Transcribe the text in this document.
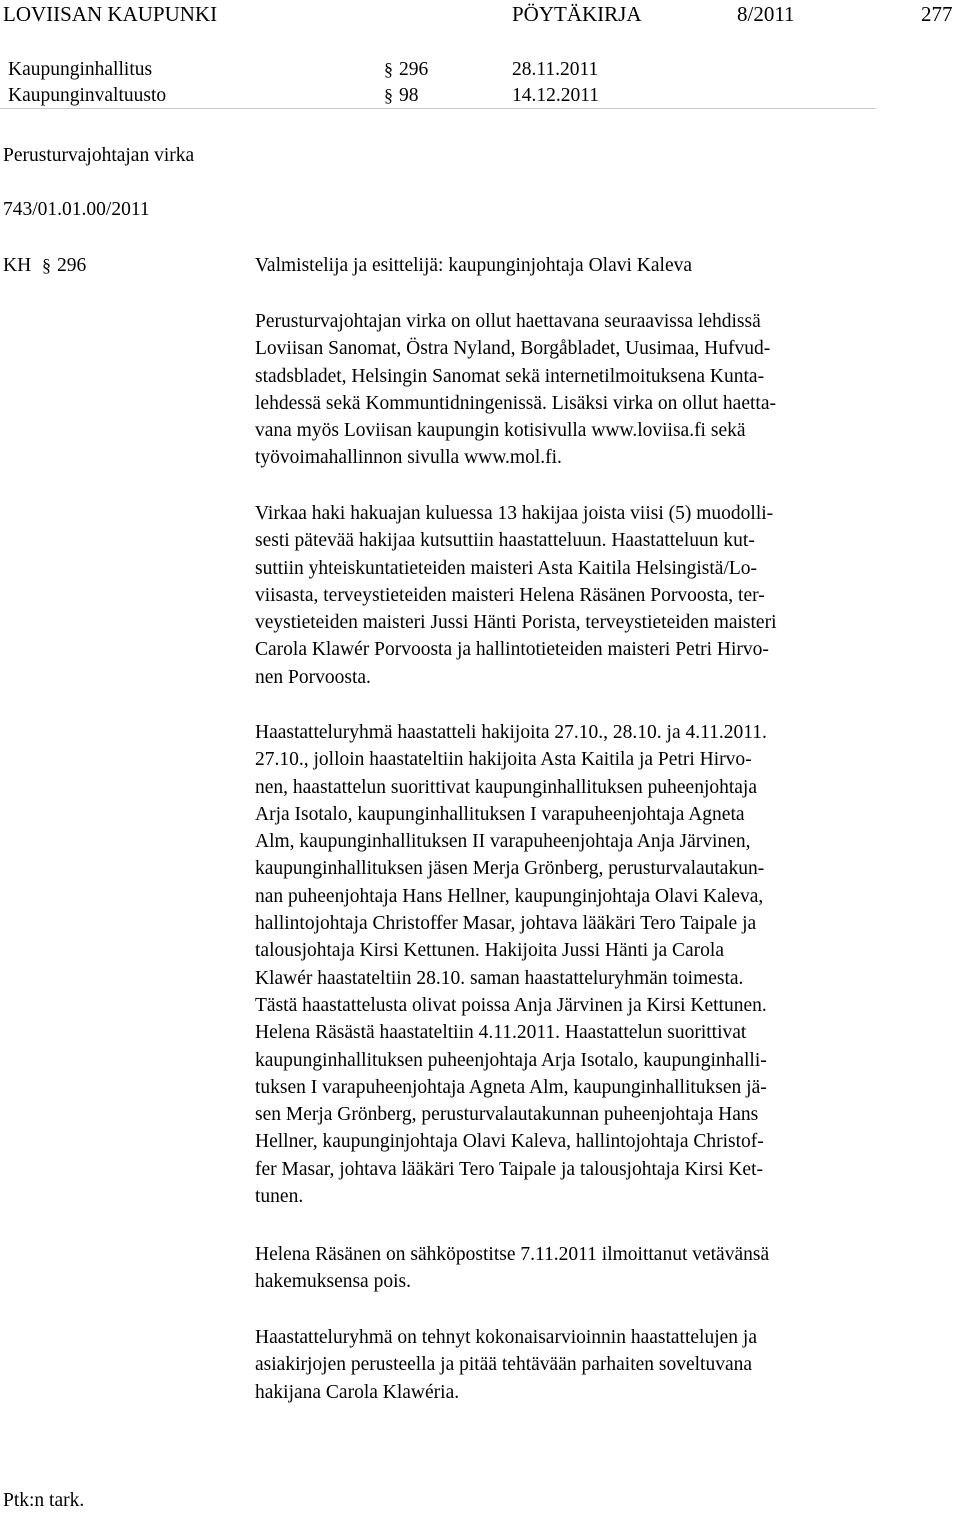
LOVIISAN KAUPUNKI	PÖYTÄKIRJA	8/2011	277
Kaupunginhallitus	§ 296	28.11.2011
Kaupunginvaltuusto	§ 98	14.12.2011
Perusturvajohtajan virka
743/01.01.00/2011
KH § 296	Valmistelija ja esittelijä: kaupunginjohtaja Olavi Kaleva
Perusturvajohtajan virka on ollut haettavana seuraavissa lehdissä
Loviisan Sanomat, Östra Nyland, Borgåbladet, Uusimaa, Hufvud-
stadsbladet, Helsingin Sanomat sekä internetilmoituksena Kunta-
lehdessä sekä Kommuntidningenissä. Lisäksi virka on ollut haetta-
vana myös Loviisan kaupungin kotisivulla www.loviisa.fi sekä
työvoimahallinnon sivulla www.mol.fi.
Virkaa haki hakuajan kuluessa 13 hakijaa joista viisi (5) muodolli-
sesti pätevää hakijaa kutsuttiin haastatteluun. Haastatteluun kut-
suttiin yhteiskuntatieteiden maisteri Asta Kaitila Helsingistä/Lo-
viisasta, terveystieteiden maisteri Helena Räsänen Porvoosta, ter-
veystieteiden maisteri Jussi Hänti Porista, terveystieteiden maisteri
Carola Klawér Porvoosta ja hallintotieteiden maisteri Petri Hirvo-
nen Porvoosta.
Haastatteluryhmä haastatteli hakijoita 27.10., 28.10. ja 4.11.2011.
27.10., jolloin haastateltiin hakijoita Asta Kaitila ja Petri Hirvo-
nen, haastattelun suorittivat kaupunginhallituksen puheenjohtaja
Arja Isotalo, kaupunginhallituksen I varapuheenjohtaja Agneta
Alm, kaupunginhallituksen II varapuheenjohtaja Anja Järvinen,
kaupunginhallituksen jäsen Merja Grönberg, perusturvalautakun-
nan puheenjohtaja Hans Hellner, kaupunginjohtaja Olavi Kaleva,
hallintojohtaja Christoffer Masar, johtava lääkäri Tero Taipale ja
talousjohtaja Kirsi Kettunen. Hakijoita Jussi Hänti ja Carola
Klawér haastateltiin 28.10. saman haastatteluryhmän toimesta.
Tästä haastattelusta olivat poissa Anja Järvinen ja Kirsi Kettunen.
Helena Räsästä haastateltiin 4.11.2011. Haastattelun suorittivat
kaupunginhallituksen puheenjohtaja Arja Isotalo, kaupunginhalli-
tuksen I varapuheenjohtaja Agneta Alm, kaupunginhallituksen jä-
sen Merja Grönberg, perusturvalautakunnan puheenjohtaja Hans
Hellner, kaupunginjohtaja Olavi Kaleva, hallintojohtaja Christof-
fer Masar, johtava lääkäri Tero Taipale ja talousjohtaja Kirsi Ket-
tunen.
Helena Räsänen on sähköpostitse 7.11.2011 ilmoittanut vetävänsä
hakemuksensa pois.
Haastatteluryhmä on tehnyt kokonaisarvioinnin haastattelujen ja
asiakirjojen perusteella ja pitää tehtävään parhaiten soveltuvana
hakijana Carola Klawéria.
Ptk:n tark.
